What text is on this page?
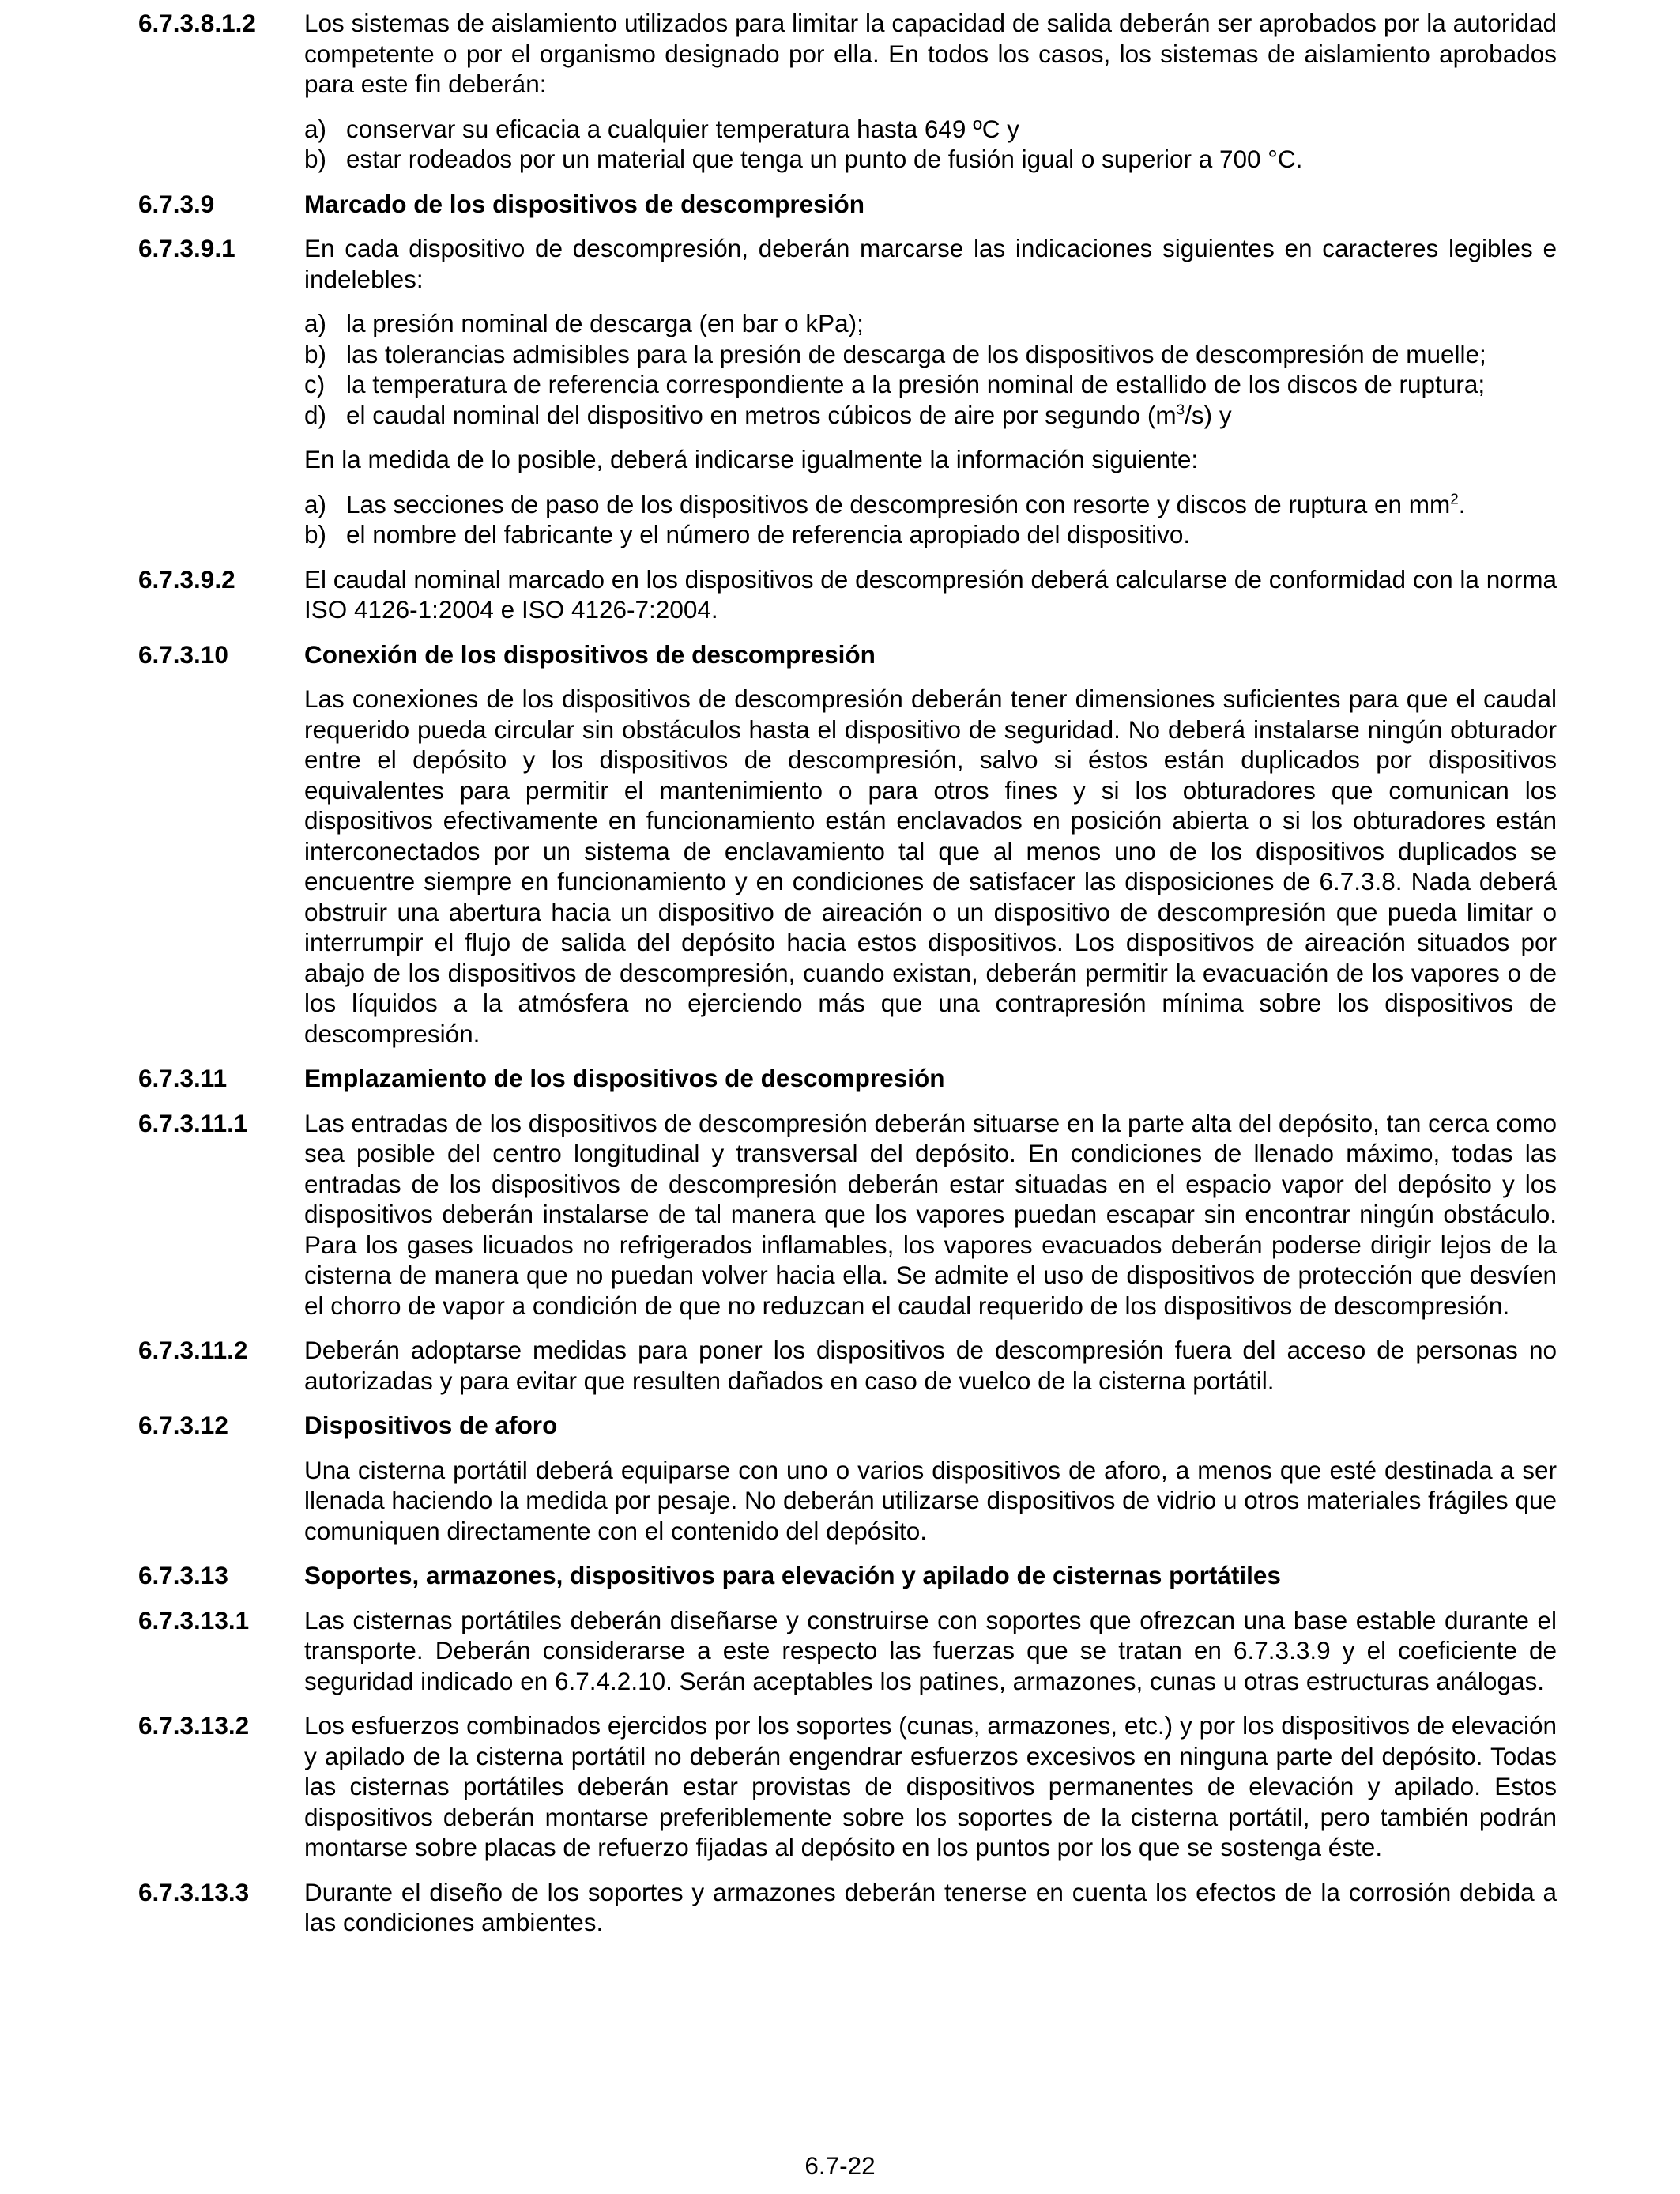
6.7.3.8.1.2	Los sistemas de aislamiento utilizados para limitar la capacidad de salida deberán ser aprobados por la autoridad competente o por el organismo designado por ella. En todos los casos, los sistemas de aislamiento aprobados para este fin deberán:

a) conservar su eficacia a cualquier temperatura hasta 649 ºC y
b) estar rodeados por un material que tenga un punto de fusión igual o superior a 700 °C.
6.7.3.9	Marcado de los dispositivos de descompresión
6.7.3.9.1	En cada dispositivo de descompresión, deberán marcarse las indicaciones siguientes en caracteres legibles e indelebles:

a) la presión nominal de descarga (en bar o kPa);
b) las tolerancias admisibles para la presión de descarga de los dispositivos de descompresión de muelle;
c) la temperatura de referencia correspondiente a la presión nominal de estallido de los discos de ruptura;
d) el caudal nominal del dispositivo en metros cúbicos de aire por segundo $(m^3/s)$ y

En la medida de lo posible, deberá indicarse igualmente la información siguiente:

a) Las secciones de paso de los dispositivos de descompresión con resorte y discos de ruptura en $mm^2$.
b) el nombre del fabricante y el número de referencia apropiado del dispositivo.
6.7.3.9.2	El caudal nominal marcado en los dispositivos de descompresión deberá calcularse de conformidad con la norma ISO 4126-1:2004 e ISO 4126-7:2004.

6.7.3.10	Conexión de los dispositivos de descompresión

Las conexiones de los dispositivos de descompresión deberán tener dimensiones suficientes para que el caudal requerido pueda circular sin obstáculos hasta el dispositivo de seguridad. No deberá instalarse ningún obturador entre el depósito y los dispositivos de descompresión, salvo si éstos están duplicados por dispositivos equivalentes para permitir el mantenimiento o para otros fines y si los obturadores que comunican los dispositivos efectivamente en funcionamiento están enclavados en posición abierta o si los obturadores están interconectados por un sistema de enclavamiento tal que al menos uno de los dispositivos duplicados se encuentre siempre en funcionamiento y en condiciones de satisfacer las disposiciones de 6.7.3.8. Nada deberá obstruir una abertura hacia un dispositivo de aireación o un dispositivo de descompresión que pueda limitar o interrumpir el flujo de salida del depósito hacia estos dispositivos. Los dispositivos de aireación situados por abajo de los dispositivos de descompresión, cuando existan, deberán permitir la evacuación de los vapores o de los líquidos a la atmósfera no ejerciendo más que una contrapresión mínima sobre los dispositivos de descompresión.

6.7.3.11	Emplazamiento de los dispositivos de descompresión
6.7.3.11.1	Las entradas de los dispositivos de descompresión deberán situarse en la parte alta del depósito, tan cerca como sea posible del centro longitudinal y transversal del depósito. En condiciones de llenado máximo, todas las entradas de los dispositivos de descompresión deberán estar situadas en el espacio vapor del depósito y los dispositivos deberán instalarse de tal manera que los vapores puedan escapar sin encontrar ningún obstáculo. Para los gases licuados no refrigerados inflamables, los vapores evacuados deberán poderse dirigir lejos de la cisterna de manera que no puedan volver hacia ella. Se admite el uso de dispositivos de protección que desvíen el chorro de vapor a condición de que no reduzcan el caudal requerido de los dispositivos de descompresión.

6.7.3.11.2	Deberán adoptarse medidas para poner los dispositivos de descompresión fuera del acceso de personas no autorizadas y para evitar que resulten dañados en caso de vuelco de la cisterna portátil.

6.7.3.12	Dispositivos de aforo

Una cisterna portátil deberá equiparse con uno o varios dispositivos de aforo, a menos que esté destinada a ser llenada haciendo la medida por pesaje. No deberán utilizarse dispositivos de vidrio u otros materiales frágiles que comuniquen directamente con el contenido del depósito.

6.7.3.13	Soportes, armazones, dispositivos para elevación y apilado de cisternas portátiles
6.7.3.13.1	Las cisternas portátiles deberán diseñarse y construirse con soportes que ofrezcan una base estable durante el transporte. Deberán considerarse a este respecto las fuerzas que se tratan en 6.7.3.3.9 y el coeficiente de seguridad indicado en 6.7.4.2.10. Serán aceptables los patines, armazones, cunas u otras estructuras análogas.

6.7.3.13.2	Los esfuerzos combinados ejercidos por los soportes (cunas, armazones, etc.) y por los dispositivos de elevación y apilado de la cisterna portátil no deberán engendrar esfuerzos excesivos en ninguna parte del depósito. Todas las cisternas portátiles deberán estar provistas de dispositivos permanentes de elevación y apilado. Estos dispositivos deberán montarse preferiblemente sobre los soportes de la cisterna portátil, pero también podrán montarse sobre placas de refuerzo fijadas al depósito en los puntos por los que se sostenga éste.

6.7.3.13.3	Durante el diseño de los soportes y armazones deberán tenerse en cuenta los efectos de la corrosión debida a las condiciones ambientes.

6.7-22
